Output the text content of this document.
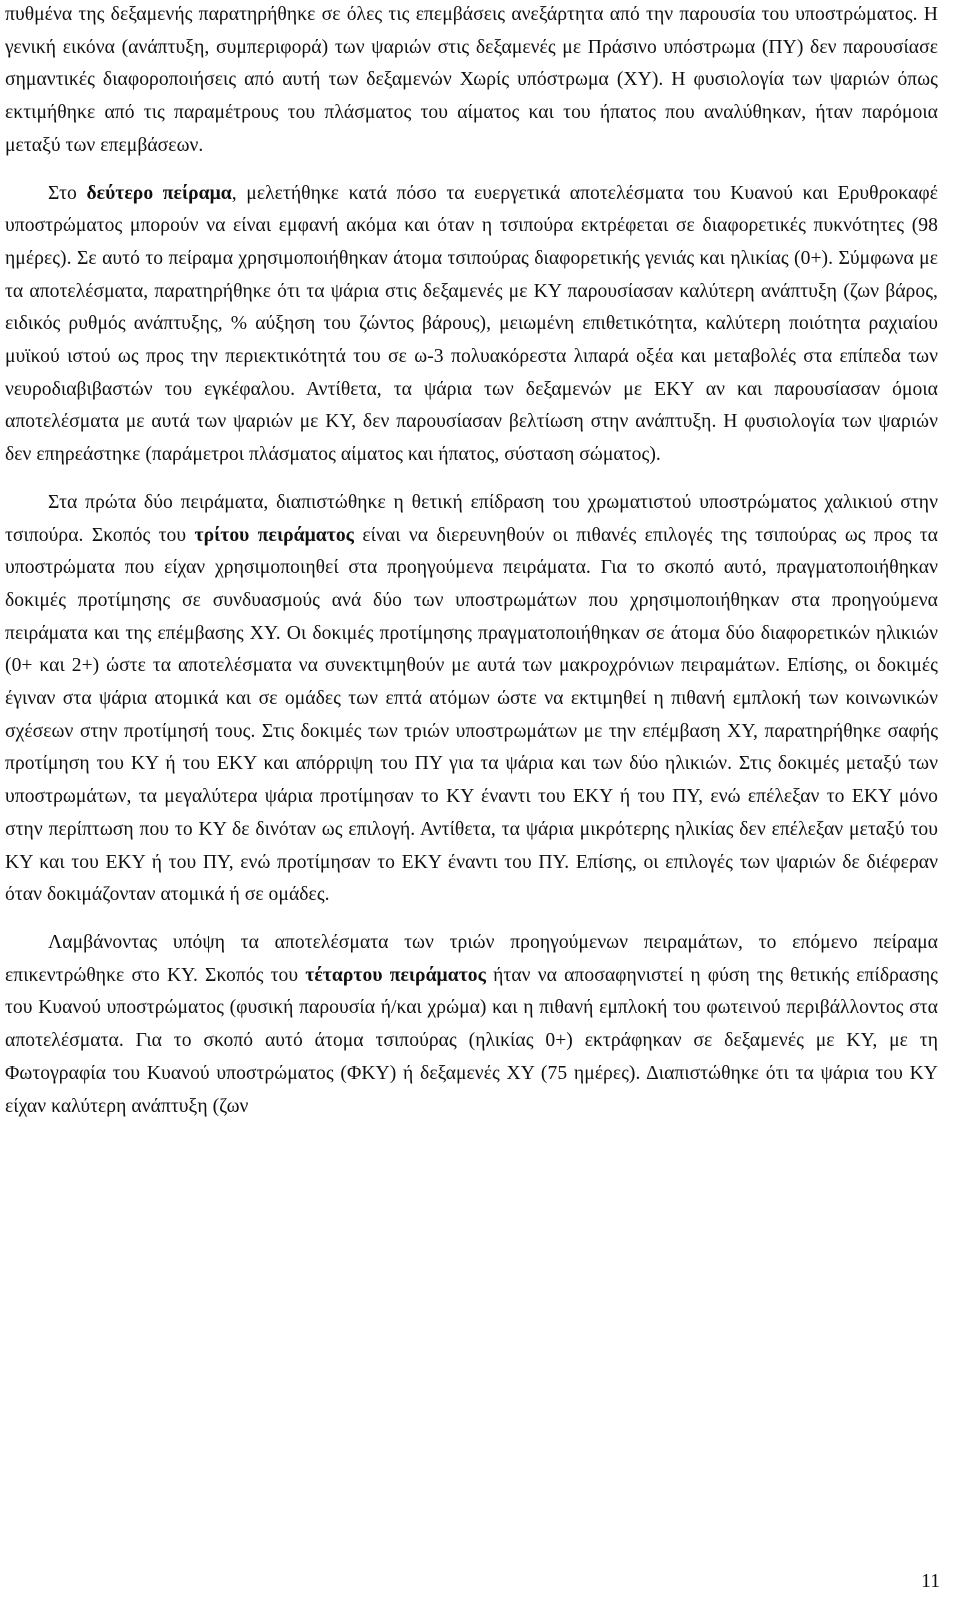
πυθμένα της δεξαμενής παρατηρήθηκε σε όλες τις επεμβάσεις ανεξάρτητα από την παρουσία του υποστρώματος. Η γενική εικόνα (ανάπτυξη, συμπεριφορά) των ψαριών στις δεξαμενές με Πράσινο υπόστρωμα (ΠΥ) δεν παρουσίασε σημαντικές διαφοροποιήσεις από αυτή των δεξαμενών Χωρίς υπόστρωμα (ΧΥ). Η φυσιολογία των ψαριών όπως εκτιμήθηκε από τις παραμέτρους του πλάσματος του αίματος και του ήπατος που αναλύθηκαν, ήταν παρόμοια μεταξύ των επεμβάσεων.

Στο δεύτερο πείραμα, μελετήθηκε κατά πόσο τα ευεργετικά αποτελέσματα του Κυανού και Ερυθροκαφέ υποστρώματος μπορούν να είναι εμφανή ακόμα και όταν η τσιπούρα εκτρέφεται σε διαφορετικές πυκνότητες (98 ημέρες). Σε αυτό το πείραμα χρησιμοποιήθηκαν άτομα τσιπούρας διαφορετικής γενιάς και ηλικίας (0+). Σύμφωνα με τα αποτελέσματα, παρατηρήθηκε ότι τα ψάρια στις δεξαμενές με ΚΥ παρουσίασαν καλύτερη ανάπτυξη (ζων βάρος, ειδικός ρυθμός ανάπτυξης, % αύξηση του ζώντος βάρους), μειωμένη επιθετικότητα, καλύτερη ποιότητα ραχιαίου μυϊκού ιστού ως προς την περιεκτικότητά του σε ω-3 πολυακόρεστα λιπαρά οξέα και μεταβολές στα επίπεδα των νευροδιαβιβαστών του εγκέφαλου. Αντίθετα, τα ψάρια των δεξαμενών με ΕΚΥ αν και παρουσίασαν όμοια αποτελέσματα με αυτά των ψαριών με ΚΥ, δεν παρουσίασαν βελτίωση στην ανάπτυξη. Η φυσιολογία των ψαριών δεν επηρεάστηκε (παράμετροι πλάσματος αίματος και ήπατος, σύσταση σώματος).

Στα πρώτα δύο πειράματα, διαπιστώθηκε η θετική επίδραση του χρωματιστού υποστρώματος χαλικιού στην τσιπούρα. Σκοπός του τρίτου πειράματος είναι να διερευνηθούν οι πιθανές επιλογές της τσιπούρας ως προς τα υποστρώματα που είχαν χρησιμοποιηθεί στα προηγούμενα πειράματα. Για το σκοπό αυτό, πραγματοποιήθηκαν δοκιμές προτίμησης σε συνδυασμούς ανά δύο των υποστρωμάτων που χρησιμοποιήθηκαν στα προηγούμενα πειράματα και της επέμβασης ΧΥ. Οι δοκιμές προτίμησης πραγματοποιήθηκαν σε άτομα δύο διαφορετικών ηλικιών (0+ και 2+) ώστε τα αποτελέσματα να συνεκτιμηθούν με αυτά των μακροχρόνιων πειραμάτων. Επίσης, οι δοκιμές έγιναν στα ψάρια ατομικά και σε ομάδες των επτά ατόμων ώστε να εκτιμηθεί η πιθανή εμπλοκή των κοινωνικών σχέσεων στην προτίμησή τους. Στις δοκιμές των τριών υποστρωμάτων με την επέμβαση ΧΥ, παρατηρήθηκε σαφής προτίμηση του ΚΥ ή του ΕΚΥ και απόρριψη του ΠΥ για τα ψάρια και των δύο ηλικιών. Στις δοκιμές μεταξύ των υποστρωμάτων, τα μεγαλύτερα ψάρια προτίμησαν το ΚΥ έναντι του ΕΚΥ ή του ΠΥ, ενώ επέλεξαν το ΕΚΥ μόνο στην περίπτωση που το ΚΥ δε δινόταν ως επιλογή. Αντίθετα, τα ψάρια μικρότερης ηλικίας δεν επέλεξαν μεταξύ του ΚΥ και του ΕΚΥ ή του ΠΥ, ενώ προτίμησαν το ΕΚΥ έναντι του ΠΥ. Επίσης, οι επιλογές των ψαριών δε διέφεραν όταν δοκιμάζονταν ατομικά ή σε ομάδες.

Λαμβάνοντας υπόψη τα αποτελέσματα των τριών προηγούμενων πειραμάτων, το επόμενο πείραμα επικεντρώθηκε στο ΚΥ. Σκοπός του τέταρτου πειράματος ήταν να αποσαφηνιστεί η φύση της θετικής επίδρασης του Κυανού υποστρώματος (φυσική παρουσία ή/και χρώμα) και η πιθανή εμπλοκή του φωτεινού περιβάλλοντος στα αποτελέσματα. Για το σκοπό αυτό άτομα τσιπούρας (ηλικίας 0+) εκτράφηκαν σε δεξαμενές με ΚΥ, με τη Φωτογραφία του Κυανού υποστρώματος (ΦΚΥ) ή δεξαμενές ΧΥ (75 ημέρες). Διαπιστώθηκε ότι τα ψάρια του ΚΥ είχαν καλύτερη ανάπτυξη (ζων

11
